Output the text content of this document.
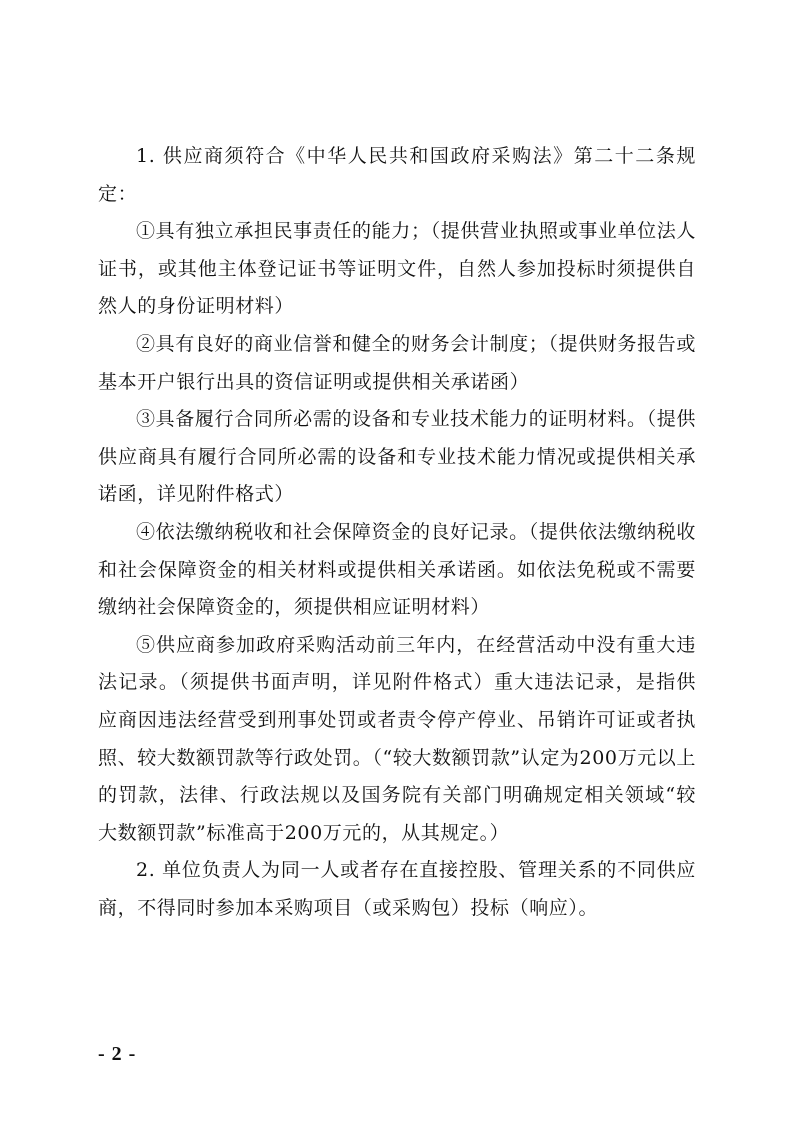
1. 供应商须符合《中华人民共和国政府采购法》第二十二条规定：

①具有独立承担民事责任的能力；（提供营业执照或事业单位法人证书，或其他主体登记证书等证明文件，自然人参加投标时须提供自然人的身份证明材料）

②具有良好的商业信誉和健全的财务会计制度；（提供财务报告或基本开户银行出具的资信证明或提供相关承诺函）

③具备履行合同所必需的设备和专业技术能力的证明材料。（提供供应商具有履行合同所必需的设备和专业技术能力情况或提供相关承诺函，详见附件格式）

④依法缴纳税收和社会保障资金的良好记录。（提供依法缴纳税收和社会保障资金的相关材料或提供相关承诺函。如依法免税或不需要缴纳社会保障资金的，须提供相应证明材料）

⑤供应商参加政府采购活动前三年内，在经营活动中没有重大违法记录。（须提供书面声明，详见附件格式）重大违法记录，是指供应商因违法经营受到刑事处罚或者责令停产停业、吊销许可证或者执照、较大数额罚款等行政处罚。（“较大数额罚款”认定为200万元以上的罚款，法律、行政法规以及国务院有关部门明确规定相关领域“较大数额罚款”标准高于200万元的，从其规定。）

2. 单位负责人为同一人或者存在直接控股、管理关系的不同供应商，不得同时参加本采购项目（或采购包）投标（响应）。

- 2 -
